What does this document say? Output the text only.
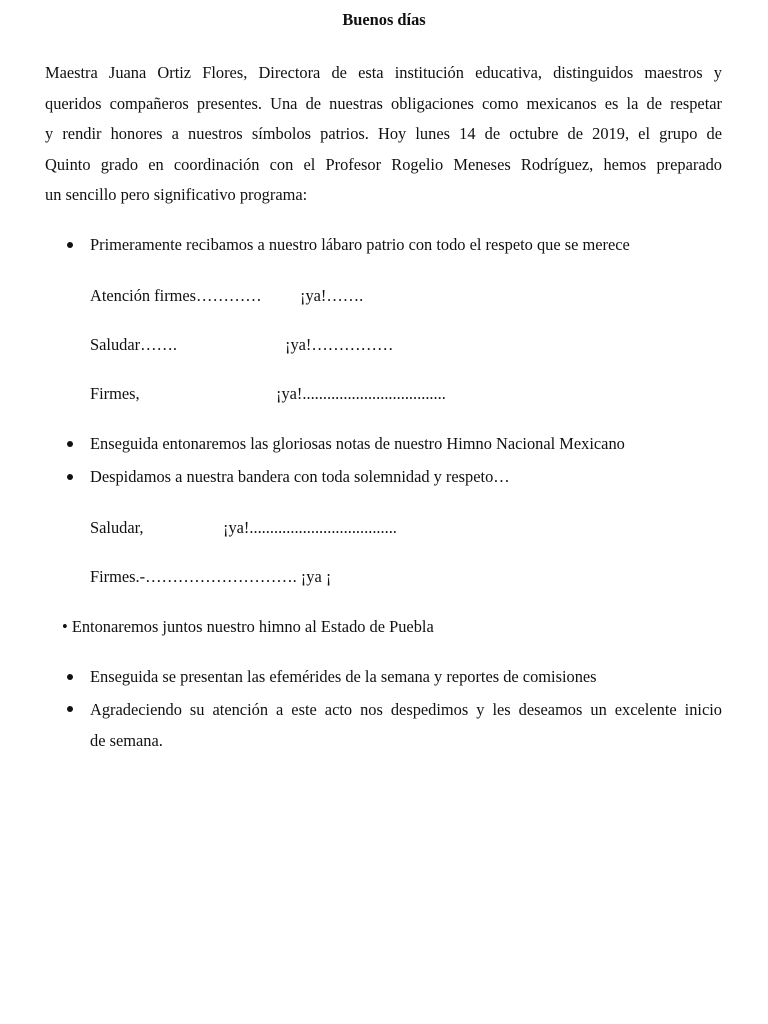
Buenos días

Maestra Juana Ortiz Flores, Directora de esta institución educativa, distinguidos maestros y
queridos compañeros presentes. Una de nuestras obligaciones como mexicanos es la de respetar
y rendir honores a nuestros símbolos patrios. Hoy lunes 14 de octubre de 2019, el grupo de
Quinto grado en coordinación con el Profesor Rogelio Meneses Rodríguez, hemos preparado
un sencillo pero significativo programa:

Primeramente recibamos a nuestro lábaro patrio con todo el respeto que se merece
Atención firmes………… ¡ya!…….
Saludar…….	¡ya!……………
Firmes,	¡ya!...................................
Enseguida entonaremos las gloriosas notas de nuestro Himno Nacional Mexicano
Despidamos a nuestra bandera con toda solemnidad y respeto…
Saludar,	¡ya!....................................
Firmes.-………………………. ¡ya ¡
• Entonaremos juntos nuestro himno al Estado de Puebla
Enseguida se presentan las efemérides de la semana y reportes de comisiones

Agradeciendo su atención a este acto nos despedimos y les deseamos un excelente inicio
de semana.
